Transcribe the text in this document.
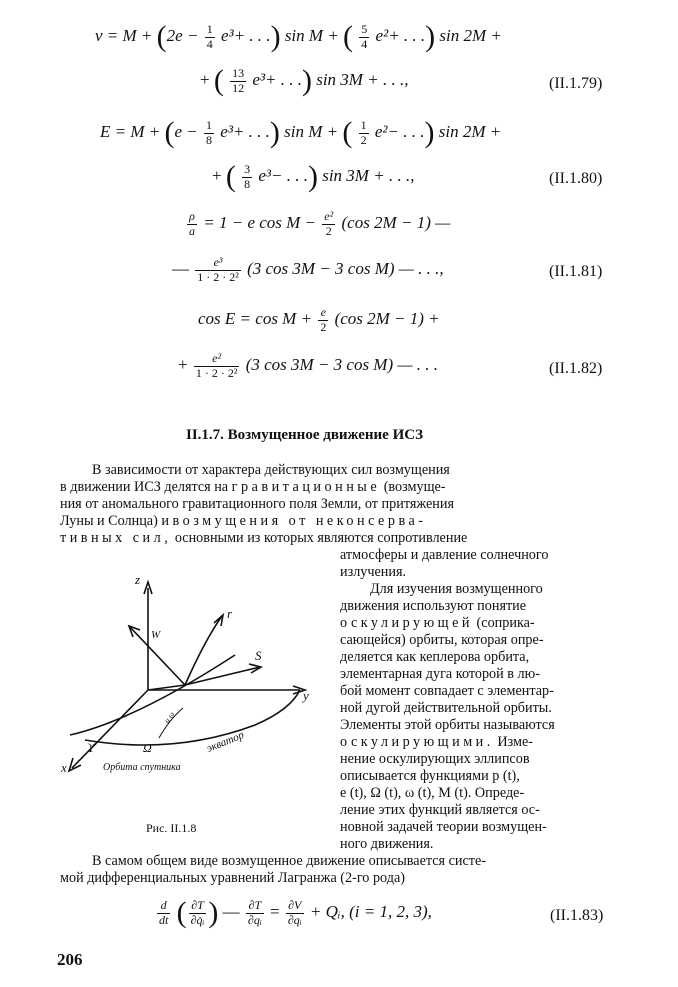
$v = M + (2e - \frac{1}{4} e^3+$ . . .) sin M + ( $\frac{5}{4} e^2+$ . . .) sin 2M +
+ ( $\frac{13}{12} e^3+$ . . .) sin 3M + . . .,	(II.1.79)
$E = M + (e - \frac{1}{8} e^3+$ . . .) sin M + ( $\frac{1}{2} e^2-$ . . .) sin 2M +
+ ( $\frac{3}{8} e^3-$ . . .) sin 3M + . . .,	(II.1.80)
$\frac{\rho}{a} = 1 - e$ $\cos M - \frac{\text{e²}}{2} (\cos$ 2M − 1) —
— $\frac{\text{e³}}{\text{1 · 2 · 2²}} (3$ cos 3M − 3 cos M) — . . .,	(II.1.81)
$\cos E = \cos M + \frac{e}{2} (\cos$ 2M − 1) +
+ $\frac{\text{e²}}{\text{1 · 2 · 2²}} (3$ cos 3M − 3 cos M) — . . .	(II.1.82)
II.1.7. Возмущенное движение ИСЗ
В зависимости от характера действующих сил возмущения
в движении ИСЗ делятся на гравитационные (возмуще-
ния от аномального гравитационного поля Земли, от притяжения
Луны и Солнца) и возмущения от неконсерва-
тивных сил, основными из которых являются сопротивление
атмосферы и давление солнечного
излучения.
Для изучения возмущенного
движения используют понятие
оскулирующей (соприка-
сающейся) орбиты, которая опре-
деляется как кеплерова орбита,
элементарная дуга которой в лю-
бой момент совпадает с элементар-
ной дугой действительной орбиты.
Элементы этой орбиты называются
оскулирующими. Изме-
нение оскулирующих эллипсов
описывается функциями p (t),
e (t), Ω (t), ω (t), M (t). Опреде-
ление этих функций является ос-
новной задачей теории возмущен-
ного движения.
z
r
W
S
y
x
ϒ	Ω
u ω
экватор
Орбита спутника
Рис. II.1.8
В самом общем виде возмущенное движение описывается систе-
мой дифференциальных уравнений Лагранжа (2-го рода)
$\frac{d}{dt}$ ( $\frac{\partial T}{\text{∂q̇ᵢ}}$ ) — $\frac{\partial T}{\text{∂qᵢ}} = \frac{\partial V}{\text{∂qᵢ}}$ + Qᵢ, (i = 1, 2, 3),	(II.1.83)
206
